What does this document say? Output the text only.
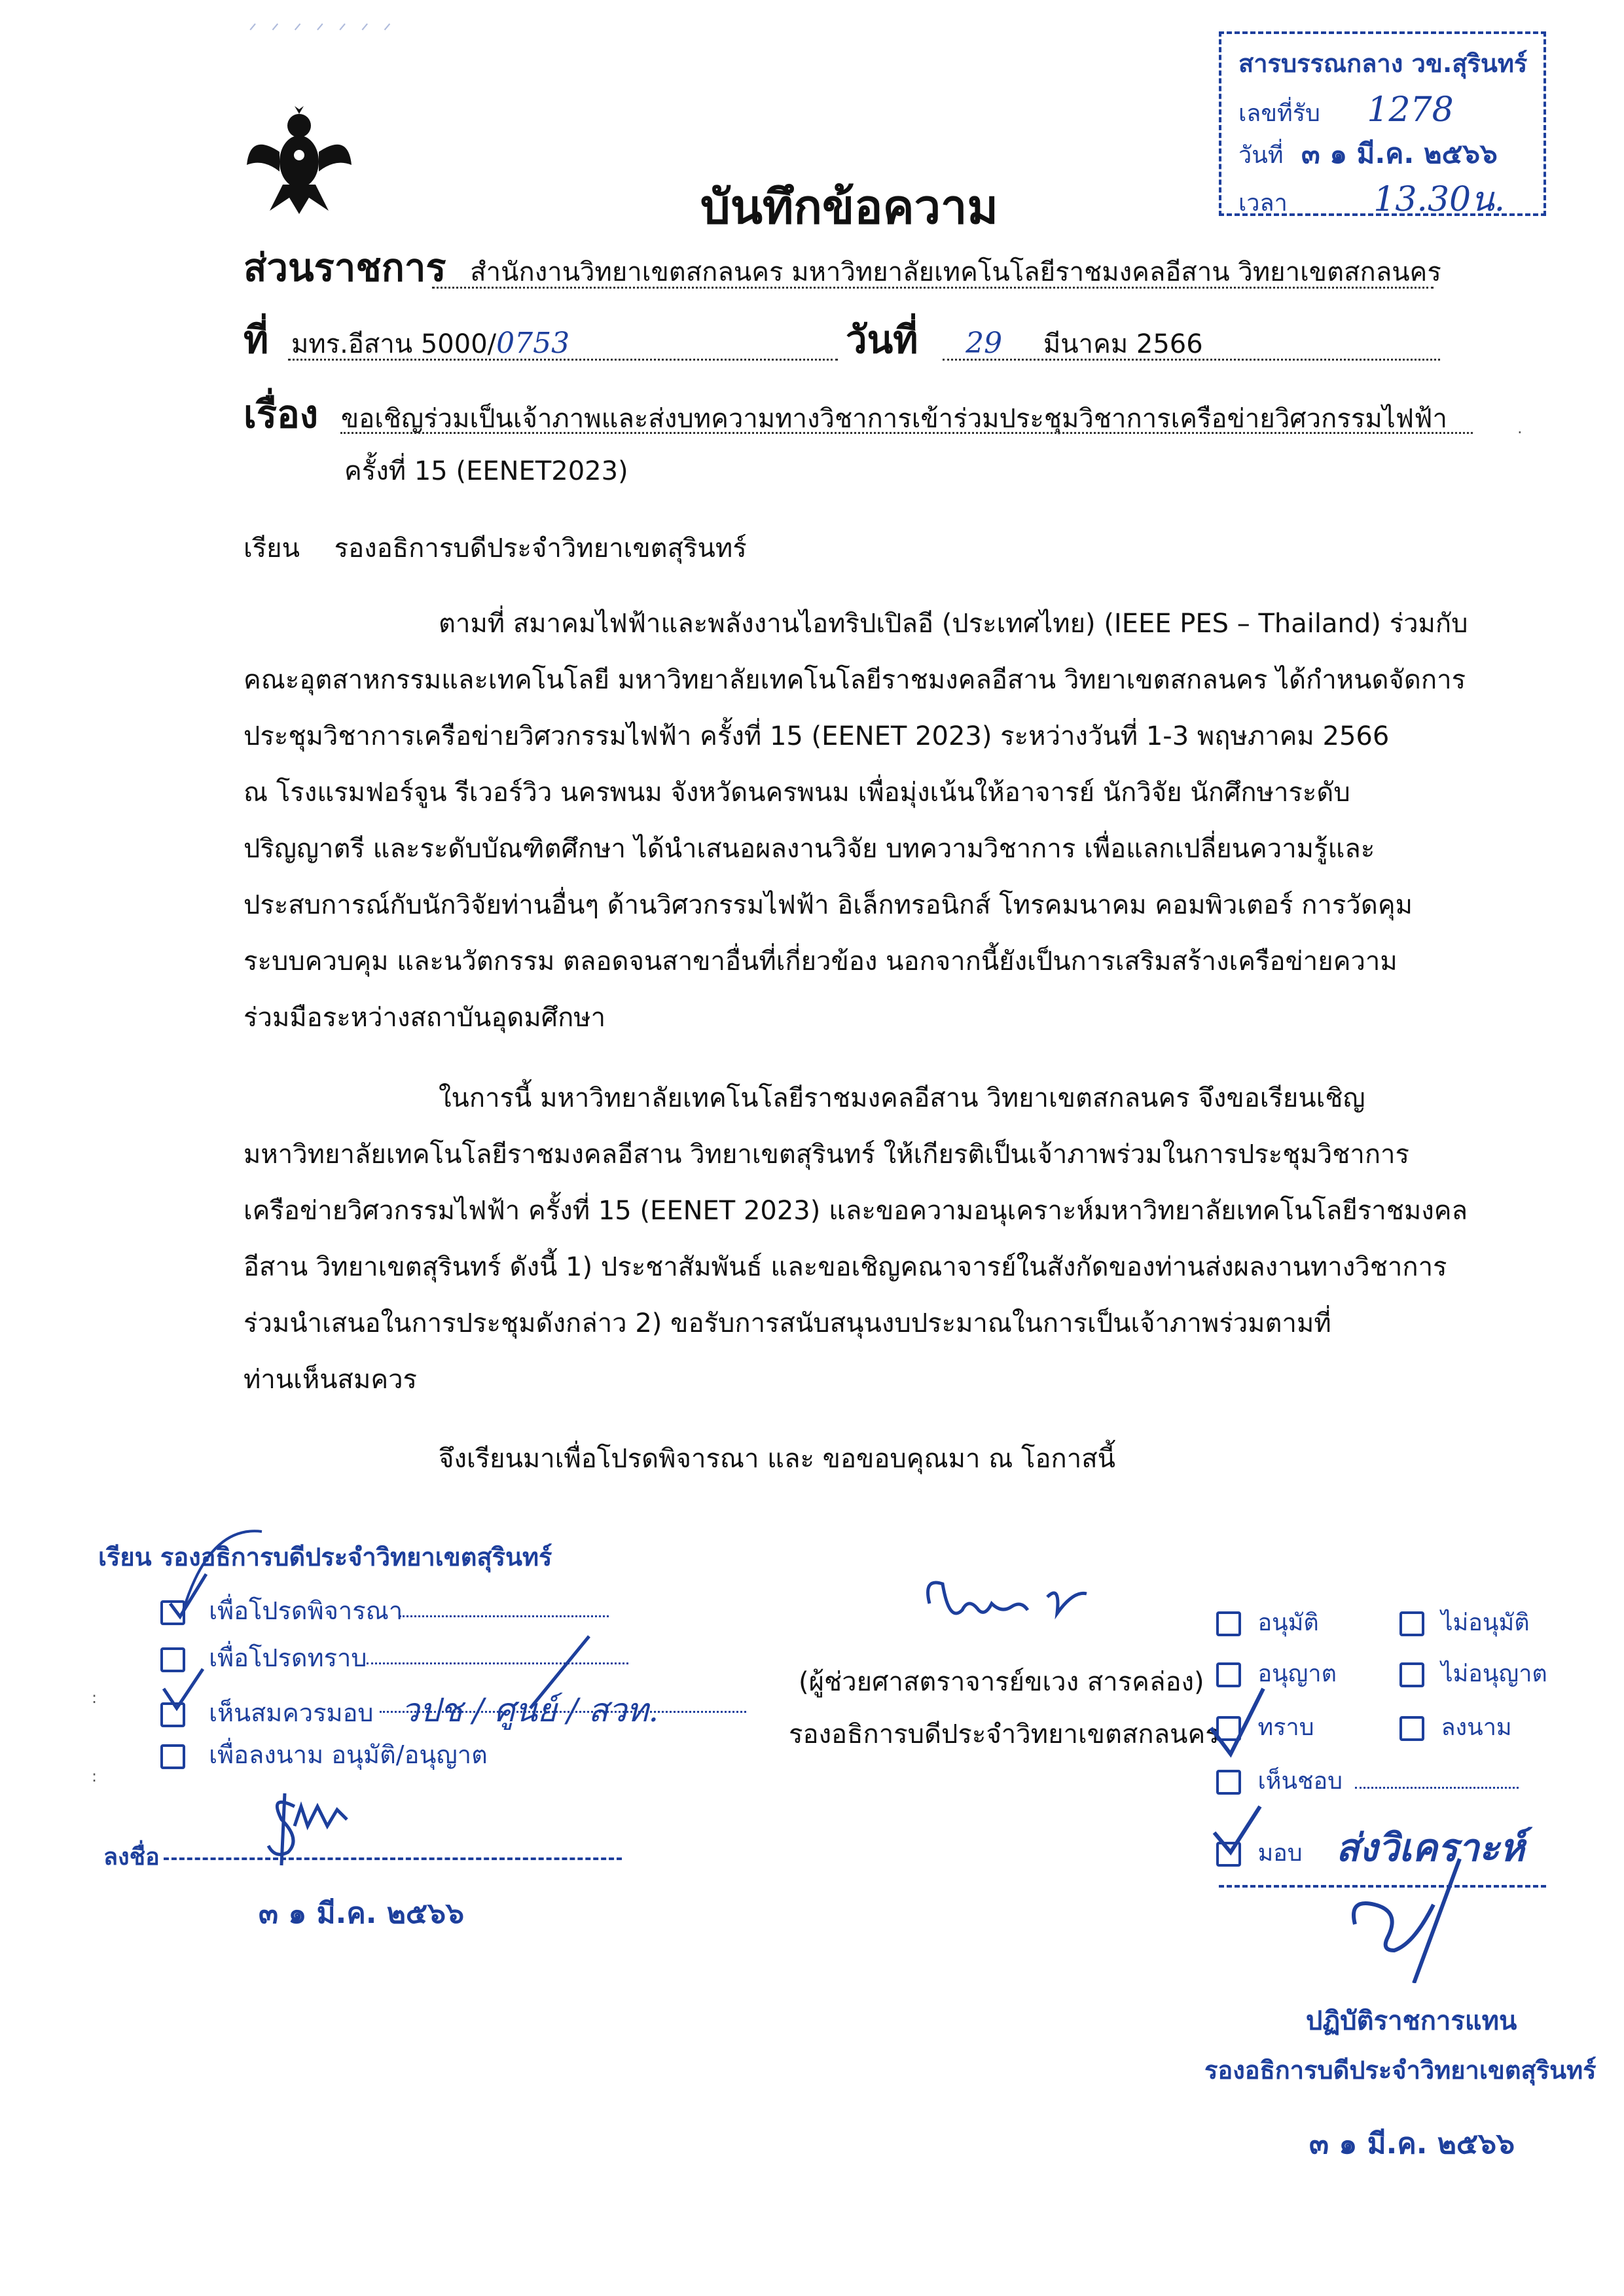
ᐟ ᐟ ᐟ ᐟ ᐟ ᐟ ᐟ
สารบรรณกลาง วข.สุรินทร์
เลขที่รับ 1278
วันที่ ๓ ๑ มี.ค. ๒๕๖๖
เวลา	13.30น.
บันทึกข้อความ
ส่วนราชการ สำนักงานวิทยาเขตสกลนคร มหาวิทยาลัยเทคโนโลยีราชมงคลอีสาน วิทยาเขตสกลนคร
ที่ มทร.อีสาน 5000/0753	วันที่ 29 มีนาคม 2566
เรื่อง ขอเชิญร่วมเป็นเจ้าภาพและส่งบทความทางวิชาการเข้าร่วมประชุมวิชาการเครือข่ายวิศวกรรมไฟฟ้า
ครั้งที่ 15 (EENET2023)
เรียน รองอธิการบดีประจำวิทยาเขตสุรินทร์
ตามที่ สมาคมไฟฟ้าและพลังงานไอทริปเปิลอี (ประเทศไทย) (IEEE PES – Thailand) ร่วมกับ
คณะอุตสาหกรรมและเทคโนโลยี มหาวิทยาลัยเทคโนโลยีราชมงคลอีสาน วิทยาเขตสกลนคร ได้กำหนดจัดการ
ประชุมวิชาการเครือข่ายวิศวกรรมไฟฟ้า ครั้งที่ 15 (EENET 2023) ระหว่างวันที่ 1-3 พฤษภาคม 2566
ณ โรงแรมฟอร์จูน รีเวอร์วิว นครพนม จังหวัดนครพนม เพื่อมุ่งเน้นให้อาจารย์ นักวิจัย นักศึกษาระดับ
ปริญญาตรี และระดับบัณฑิตศึกษา ได้นำเสนอผลงานวิจัย บทความวิชาการ เพื่อแลกเปลี่ยนความรู้และ
ประสบการณ์กับนักวิจัยท่านอื่นๆ ด้านวิศวกรรมไฟฟ้า อิเล็กทรอนิกส์ โทรคมนาคม คอมพิวเตอร์ การวัดคุม
ระบบควบคุม และนวัตกรรม ตลอดจนสาขาอื่นที่เกี่ยวข้อง นอกจากนี้ยังเป็นการเสริมสร้างเครือข่ายความ
ร่วมมือระหว่างสถาบันอุดมศึกษา
ในการนี้ มหาวิทยาลัยเทคโนโลยีราชมงคลอีสาน วิทยาเขตสกลนคร จึงขอเรียนเชิญ
มหาวิทยาลัยเทคโนโลยีราชมงคลอีสาน วิทยาเขตสุรินทร์ ให้เกียรติเป็นเจ้าภาพร่วมในการประชุมวิชาการ
เครือข่ายวิศวกรรมไฟฟ้า ครั้งที่ 15 (EENET 2023) และขอความอนุเคราะห์มหาวิทยาลัยเทคโนโลยีราชมงคล
อีสาน วิทยาเขตสุรินทร์ ดังนี้ 1) ประชาสัมพันธ์ และขอเชิญคณาจารย์ในสังกัดของท่านส่งผลงานทางวิชาการ
ร่วมนำเสนอในการประชุมดังกล่าว 2) ขอรับการสนับสนุนงบประมาณในการเป็นเจ้าภาพร่วมตามที่
ท่านเห็นสมควร
จึงเรียนมาเพื่อโปรดพิจารณา และ ขอขอบคุณมา ณ โอกาสนี้
(ผู้ช่วยศาสตราจารย์ขเวง สารคล่อง)
รองอธิการบดีประจำวิทยาเขตสกลนคร
เรียน รองอธิการบดีประจำวิทยาเขตสุรินทร์
เพื่อโปรดพิจารณา
เพื่อโปรดทราบ
เห็นสมควรมอบ วปช / ศูนย์ / สวท.
เพื่อลงนาม อนุมัติ/อนุญาต
ลงชื่อ
๓ ๑ มี.ค. ๒๕๖๖
อนุมัติ	ไม่อนุมัติ
อนุญาต	ไม่อนุญาต
ทราบ	ลงนาม
เห็นชอบ
มอบ ส่งวิเคราะห์
ปฏิบัติราชการแทน
รองอธิการบดีประจำวิทยาเขตสุรินทร์
๓ ๑ มี.ค. ๒๕๖๖
:
:
.
